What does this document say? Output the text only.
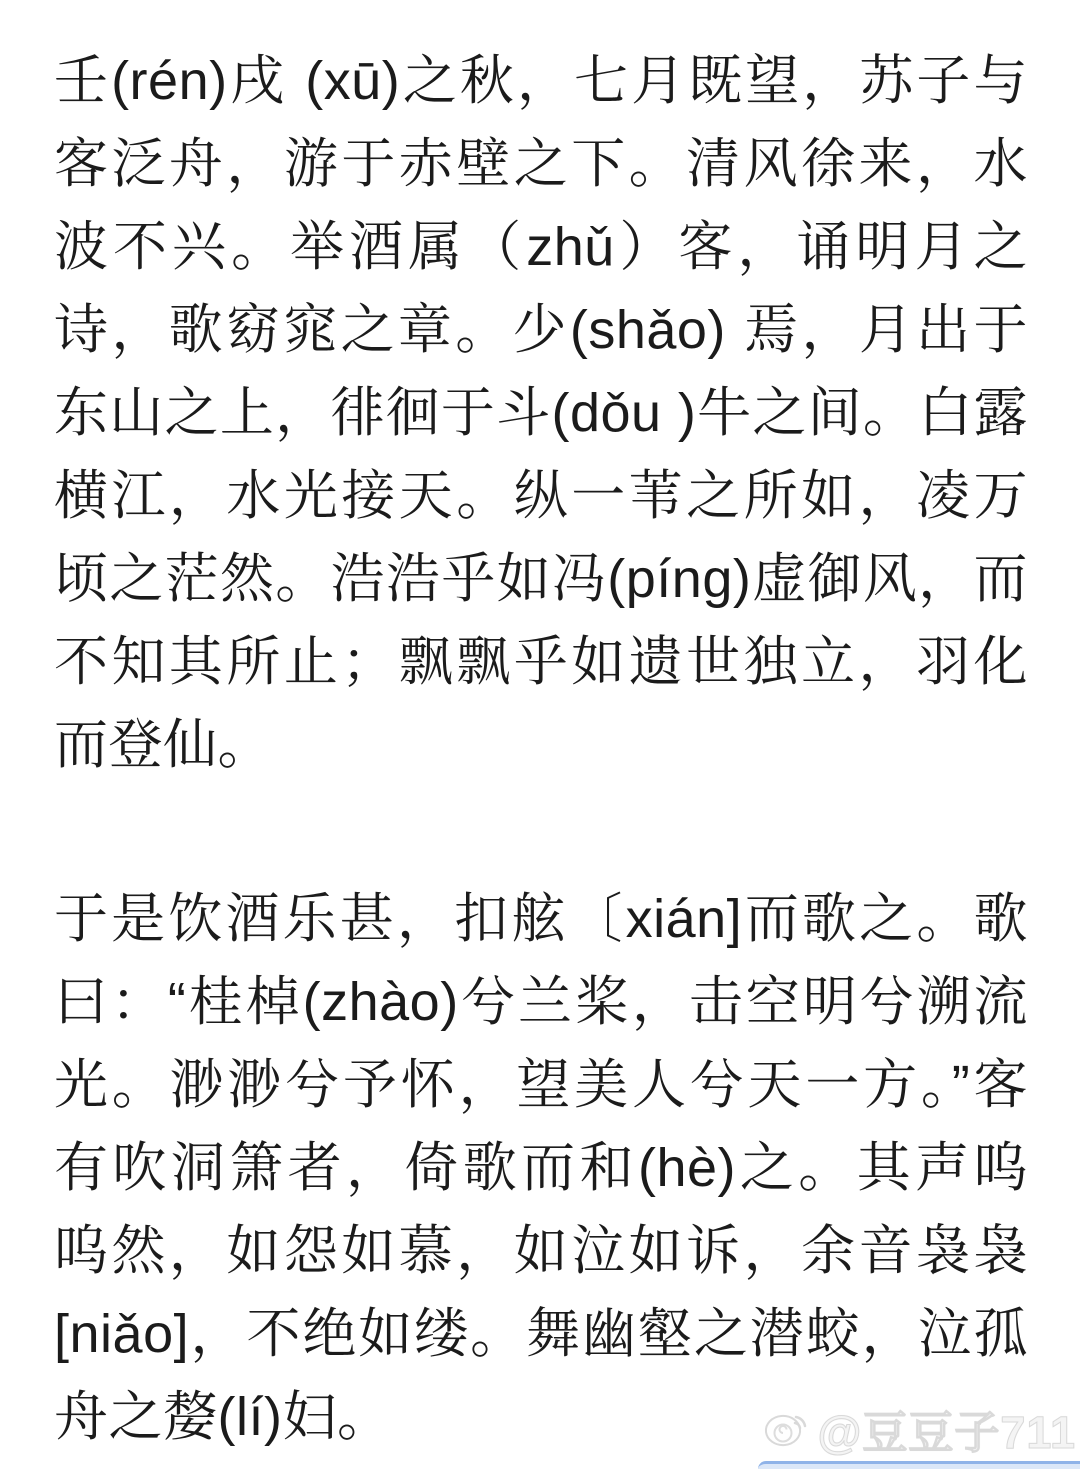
壬(rén)戌 (xū)之秋，七月既望，苏子与
客泛舟，游于赤壁之下。清风徐来，水
波不兴。举酒属（zhǔ）客，诵明月之
诗，歌窈窕之章。少(shǎo) 焉，月出于
东山之上，徘徊于斗(dǒu )牛之间。白露
横江，水光接天。纵一苇之所如，凌万
顷之茫然。浩浩乎如冯(píng)虚御风，而
不知其所止；飘飘乎如遗世独立，羽化
而登仙。
于是饮酒乐甚，扣舷〔xián]而歌之。歌
曰：“桂棹(zhào)兮兰桨，击空明兮溯流
光。渺渺兮予怀，望美人兮天一方。”客
有吹洞箫者，倚歌而和(hè)之。其声呜
呜然，如怨如慕，如泣如诉，余音袅袅
[niǎo]，不绝如缕。舞幽壑之潜蛟，泣孤
舟之嫠(lí)妇。	@豆豆子711
